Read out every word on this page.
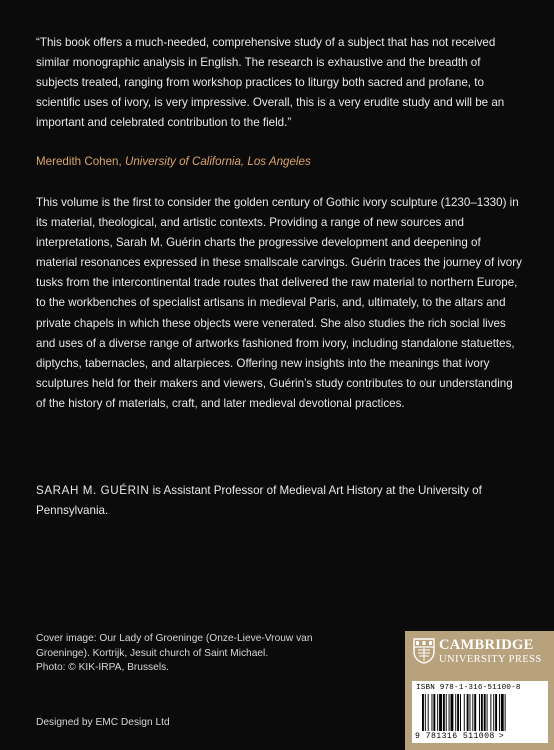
“This book offers a much-needed, comprehensive study of a subject that has not received similar monographic analysis in English. The research is exhaustive and the breadth of subjects treated, ranging from workshop practices to liturgy both sacred and profane, to scientific uses of ivory, is very impressive. Overall, this is a very erudite study and will be an important and celebrated contribution to the field.”

Meredith Cohen, University of California, Los Angeles

This volume is the first to consider the golden century of Gothic ivory sculpture (1230–1330) in its material, theological, and artistic contexts. Providing a range of new sources and interpretations, Sarah M. Guérin charts the progressive development and deepening of material resonances expressed in these smallscale carvings. Guérin traces the journey of ivory tusks from the intercontinental trade routes that delivered the raw material to northern Europe, to the workbenches of specialist artisans in medieval Paris, and, ultimately, to the altars and private chapels in which these objects were venerated. She also studies the rich social lives and uses of a diverse range of artworks fashioned from ivory, including standalone statuettes, diptychs, tabernacles, and altarpieces. Offering new insights into the meanings that ivory sculptures held for their makers and viewers, Guérin’s study contributes to our understanding of the history of materials, craft, and later medieval devotional practices.

SARAH M. GUÉRIN is Assistant Professor of Medieval Art History at the University of Pennsylvania.
Cover image: Our Lady of Groeninge (Onze-Lieve-Vrouw van Groeninge). Kortrijk, Jesuit church of Saint Michael.
Photo: © KIK-IRPA, Brussels.
Designed by EMC Design Ltd
CAMBRIDGE
UNIVERSITY PRESS
ISBN 978-1-316-51100-8
9 781316 511008 >
